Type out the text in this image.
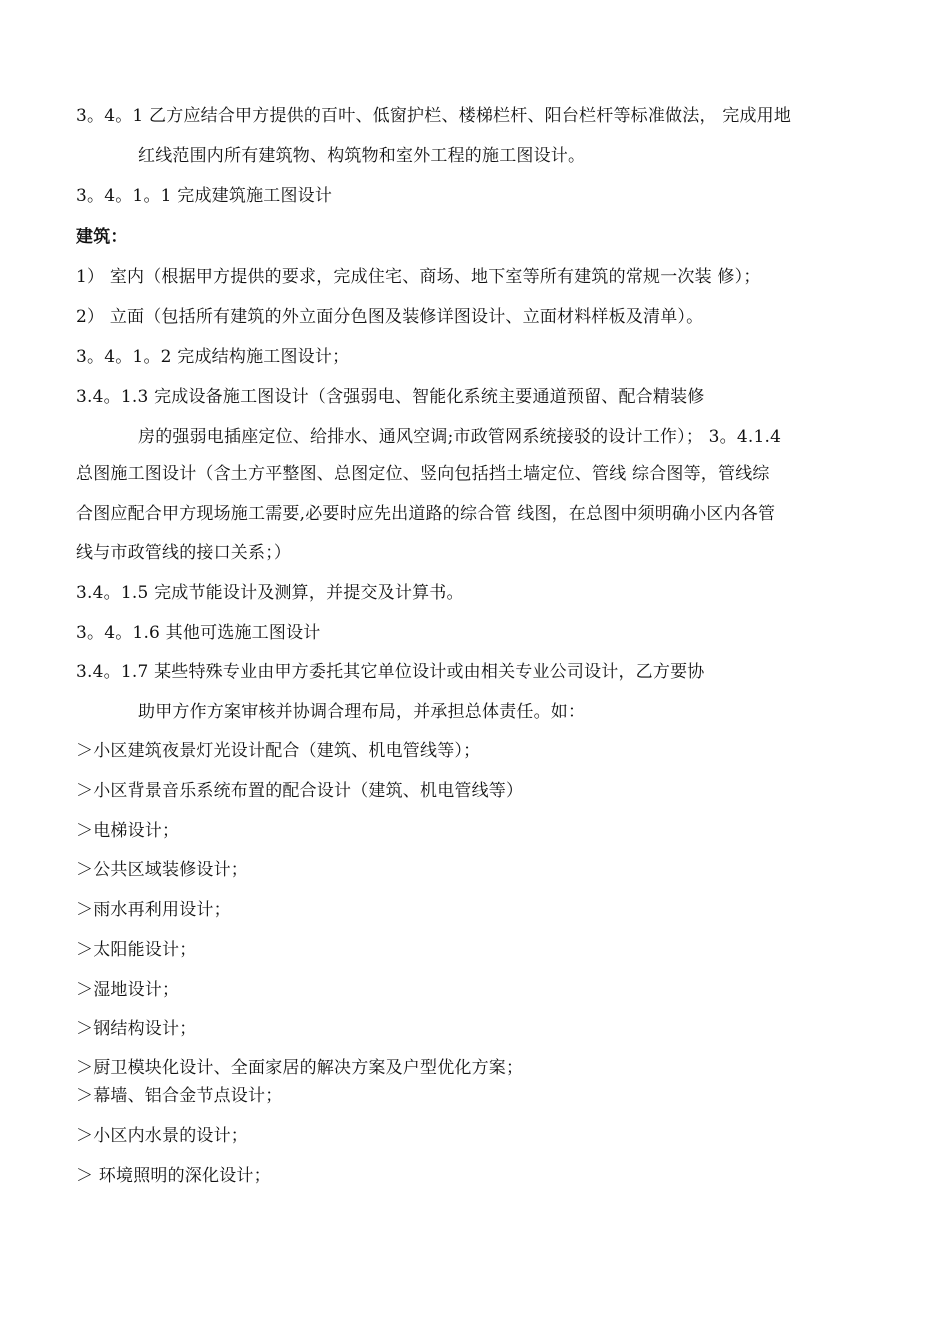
3。4。1 乙方应结合甲方提供的百叶、低窗护栏、楼梯栏杆、阳台栏杆等标准做法， 完成用地
红线范围内所有建筑物、构筑物和室外工程的施工图设计。
3。4。1。1 完成建筑施工图设计
建筑：
1） 室内（根据甲方提供的要求，完成住宅、商场、地下室等所有建筑的常规一次装 修）；
2） 立面（包括所有建筑的外立面分色图及装修详图设计、立面材料样板及清单）。
3。4。1。2 完成结构施工图设计；
3.4。1.3 完成设备施工图设计（含强弱电、智能化系统主要通道预留、配合精装修
房的强弱电插座定位、给排水、通风空调;市政管网系统接驳的设计工作）； 3。4.1.4
总图施工图设计（含土方平整图、总图定位、竖向包括挡土墙定位、管线 综合图等，管线综
合图应配合甲方现场施工需要,必要时应先出道路的综合管 线图，在总图中须明确小区内各管
线与市政管线的接口关系；）
3.4。1.5 完成节能设计及测算，并提交及计算书。
3。4。1.6 其他可选施工图设计
3.4。1.7 某些特殊专业由甲方委托其它单位设计或由相关专业公司设计，乙方要协
助甲方作方案审核并协调合理布局，并承担总体责任。如：
＞小区建筑夜景灯光设计配合（建筑、机电管线等）；
＞小区背景音乐系统布置的配合设计（建筑、机电管线等）
＞电梯设计；
＞公共区域装修设计；
＞雨水再利用设计；
＞太阳能设计；
＞湿地设计；
＞钢结构设计；
＞厨卫模块化设计、全面家居的解决方案及户型优化方案；
＞幕墙、铝合金节点设计；
＞小区内水景的设计；
＞ 环境照明的深化设计；
